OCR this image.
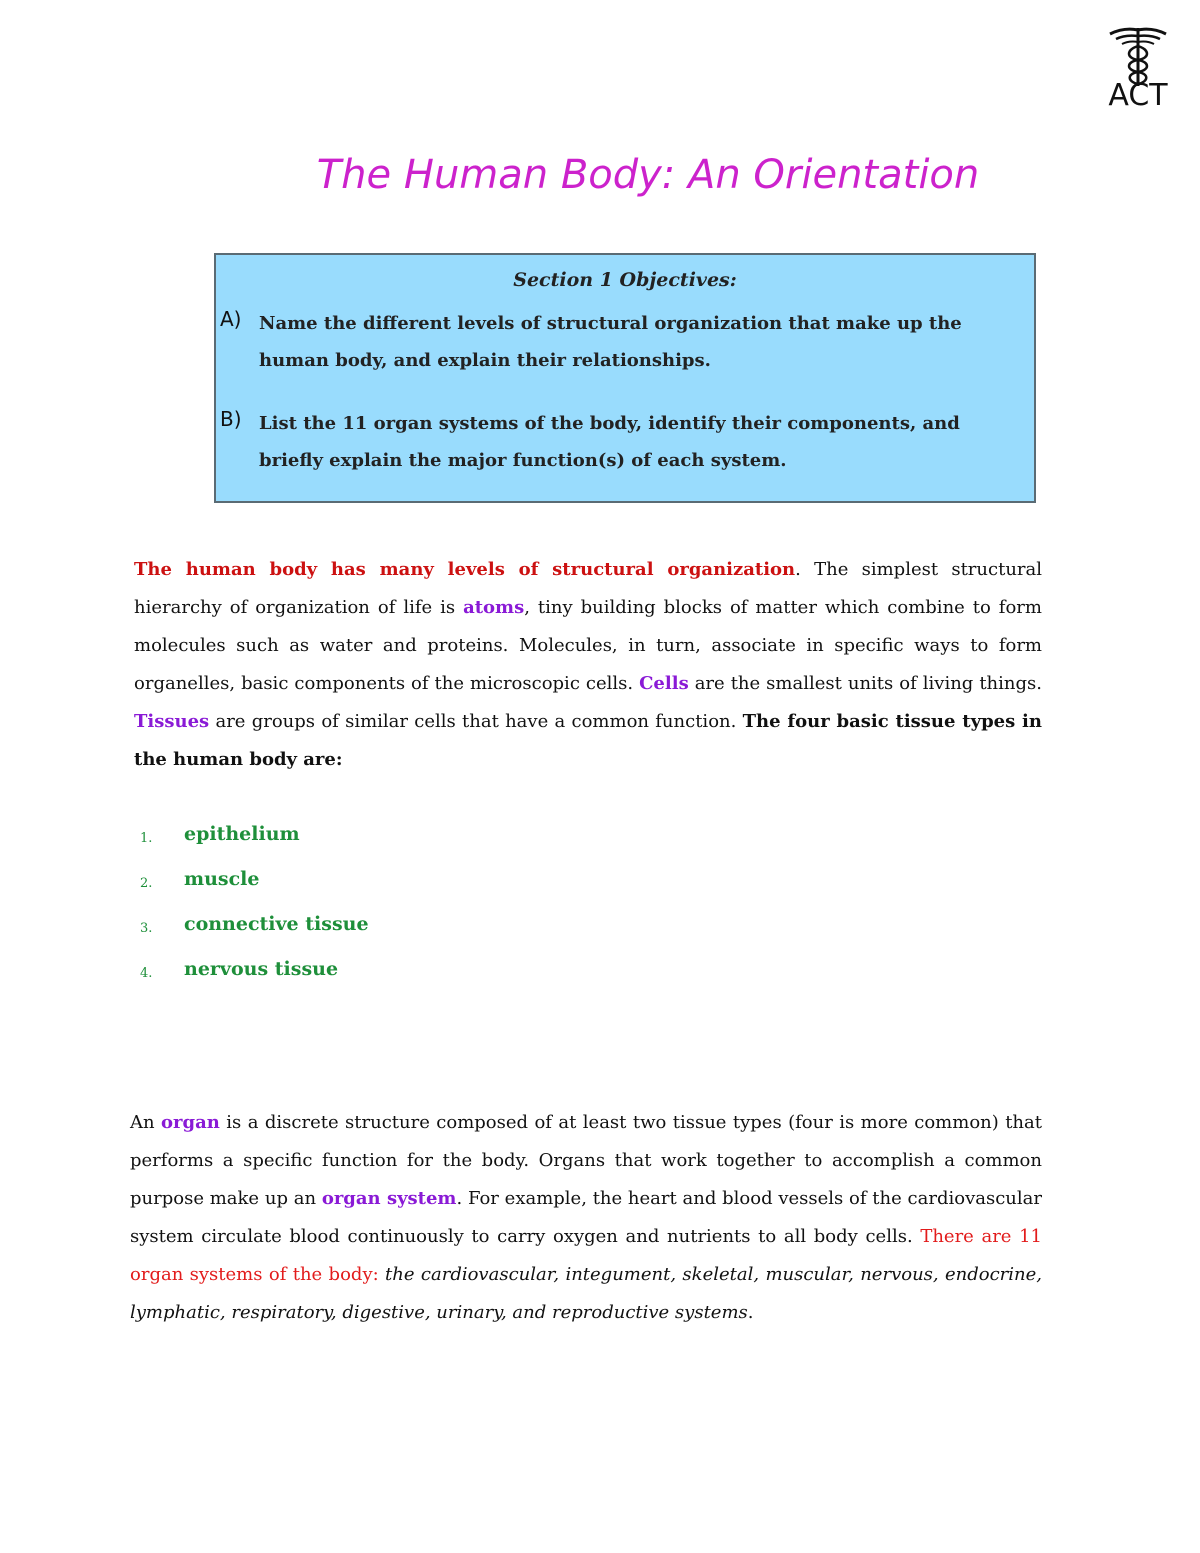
ACT
The Human Body: An Orientation
Section 1 Objectives:
A) Name the different levels of structural organization that make up the human body, and explain their relationships.
B) List the 11 organ systems of the body, identify their components, and briefly explain the major function(s) of each system.
The human body has many levels of structural organization. The simplest structural hierarchy of organization of life is atoms, tiny building blocks of matter which combine to form molecules such as water and proteins. Molecules, in turn, associate in specific ways to form organelles, basic components of the microscopic cells. Cells are the smallest units of living things. Tissues are groups of similar cells that have a common function. The four basic tissue types in the human body are:
1. epithelium
2. muscle
3. connective tissue
4. nervous tissue
An organ is a discrete structure composed of at least two tissue types (four is more common) that performs a specific function for the body. Organs that work together to accomplish a common purpose make up an organ system. For example, the heart and blood vessels of the cardiovascular system circulate blood continuously to carry oxygen and nutrients to all body cells. There are 11 organ systems of the body: the cardiovascular, integument, skeletal, muscular, nervous, endocrine, lymphatic, respiratory, digestive, urinary, and reproductive systems.
